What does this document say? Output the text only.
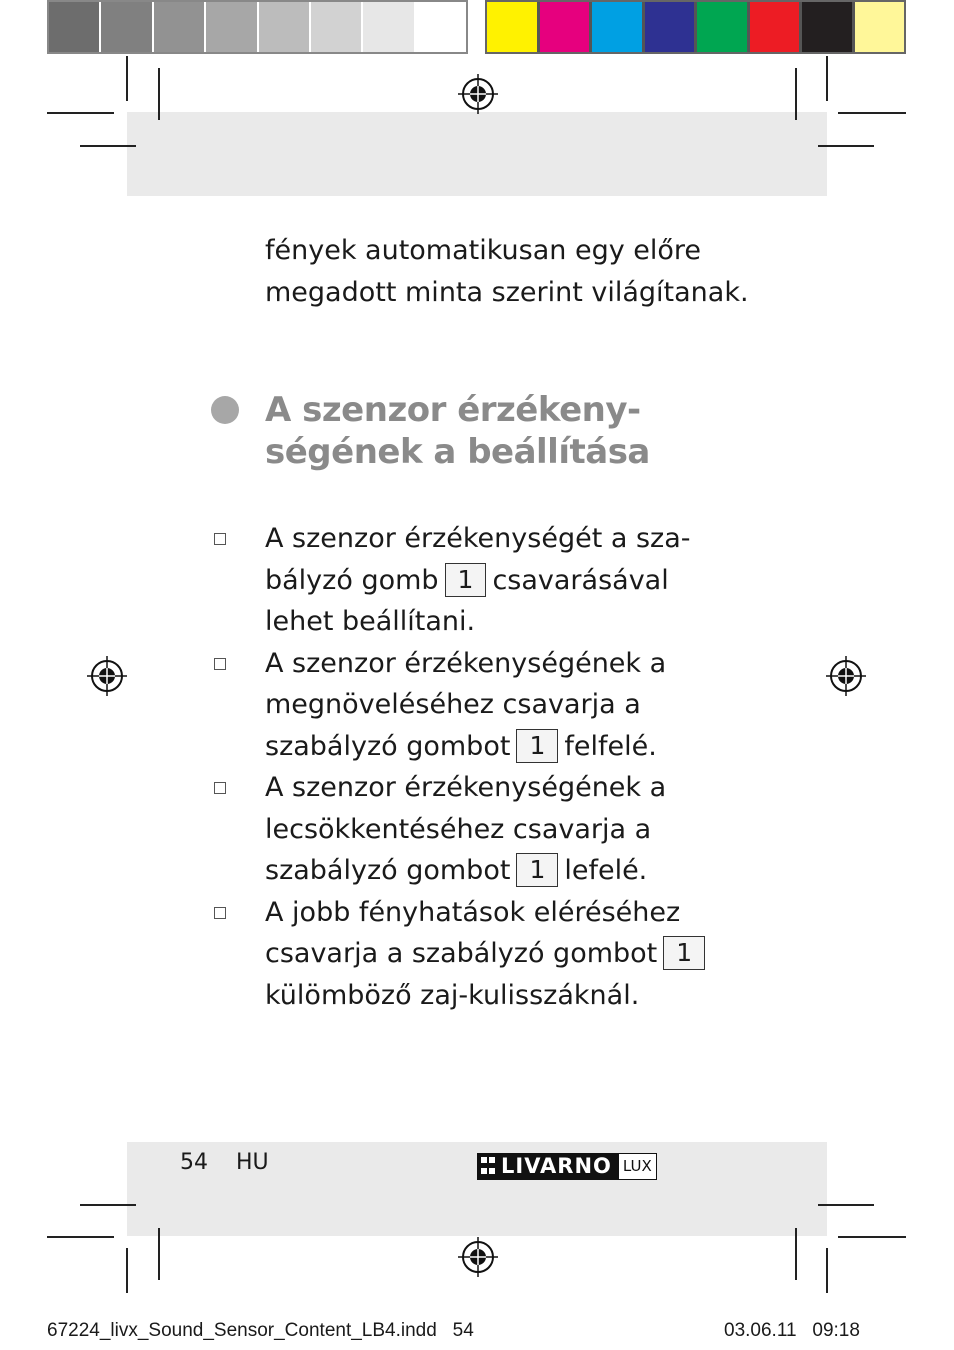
fények automatikusan egy előre
megadott minta szerint világítanak.
A szenzor érzékeny-
ségének a beállítása
A szenzor érzékenységét a sza-
bályzó gomb 1 csavarásával
lehet beállítani.
A szenzor érzékenységének a
megnöveléséhez csavarja a
szabályzó gombot 1 felfelé.
A szenzor érzékenységének a
lecsökkentéséhez csavarja a
szabályzó gombot 1 lefelé.
A jobb fényhatások eléréséhez
csavarja a szabályzó gombot 1
külömböző zaj-kulisszáknál.
54 HU	LIVARNO LUX
67224_livx_Sound_Sensor_Content_LB4.indd   54	03.06.11   09:18
